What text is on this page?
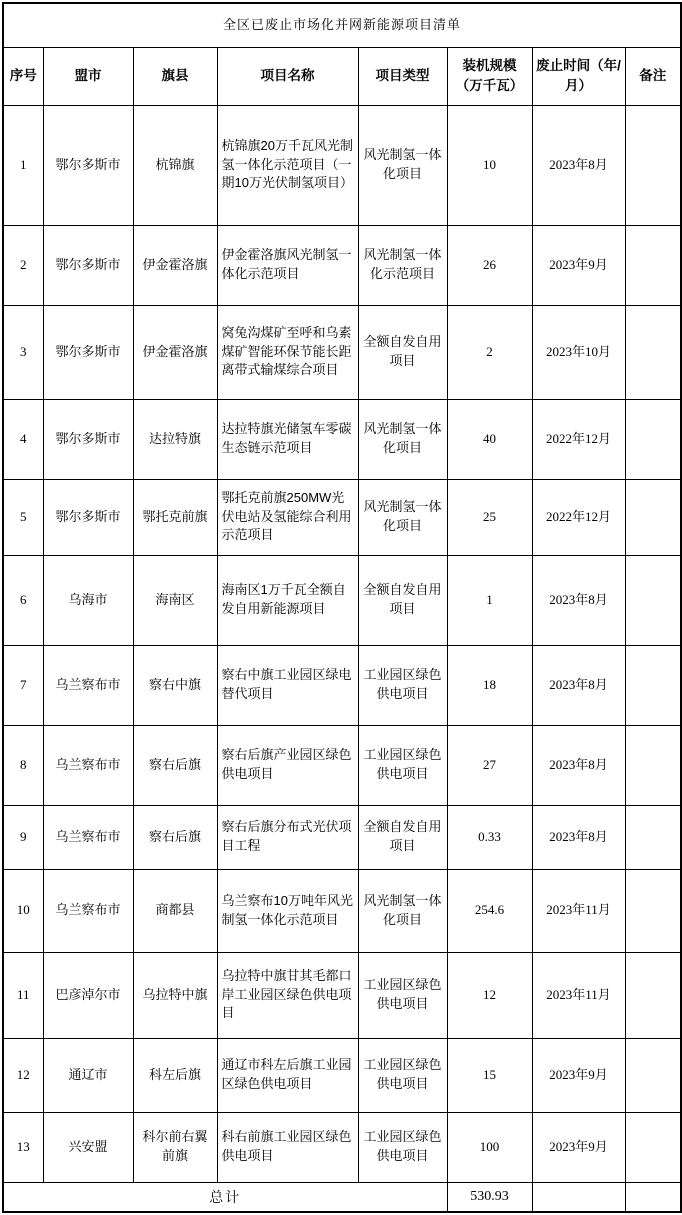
全区已废止市场化并网新能源项目清单							
序号	盟市	旗县	项目名称	项目类型	装机规模（万千瓦）	废止时间（年/月）	备注
1	鄂尔多斯市	杭锦旗	杭锦旗20万千瓦风光制氢一体化示范项目（一期10万光伏制氢项目）	风光制氢一体化项目	10	2023年8月	
2	鄂尔多斯市	伊金霍洛旗	伊金霍洛旗风光制氢一体化示范项目	风光制氢一体化示范项目	26	2023年9月	
3	鄂尔多斯市	伊金霍洛旗	窝兔沟煤矿至呼和乌素煤矿智能环保节能长距离带式输煤综合项目	全额自发自用项目	2	2023年10月	
4	鄂尔多斯市	达拉特旗	达拉特旗光储氢车零碳生态链示范项目	风光制氢一体化项目	40	2022年12月	
5	鄂尔多斯市	鄂托克前旗	鄂托克前旗250MW光伏电站及氢能综合利用示范项目	风光制氢一体化项目	25	2022年12月	
6	乌海市	海南区	海南区1万千瓦全额自发自用新能源项目	全额自发自用项目	1	2023年8月	
7	乌兰察布市	察右中旗	察右中旗工业园区绿电替代项目	工业园区绿色供电项目	18	2023年8月	
8	乌兰察布市	察右后旗	察右后旗产业园区绿色供电项目	工业园区绿色供电项目	27	2023年8月	
9	乌兰察布市	察右后旗	察右后旗分布式光伏项目工程	全额自发自用项目	0.33	2023年8月	
10	乌兰察布市	商都县	乌兰察布10万吨年风光制氢一体化示范项目	风光制氢一体化项目	254.6	2023年11月	
11	巴彦淖尔市	乌拉特中旗	乌拉特中旗甘其毛都口岸工业园区绿色供电项目	工业园区绿色供电项目	12	2023年11月	
12	通辽市	科左后旗	通辽市科左后旗工业园区绿色供电项目	工业园区绿色供电项目	15	2023年9月	
13	兴安盟	科尔前右翼前旗	科右前旗工业园区绿色供电项目	工业园区绿色供电项目	100	2023年9月	
总计					530.93		
